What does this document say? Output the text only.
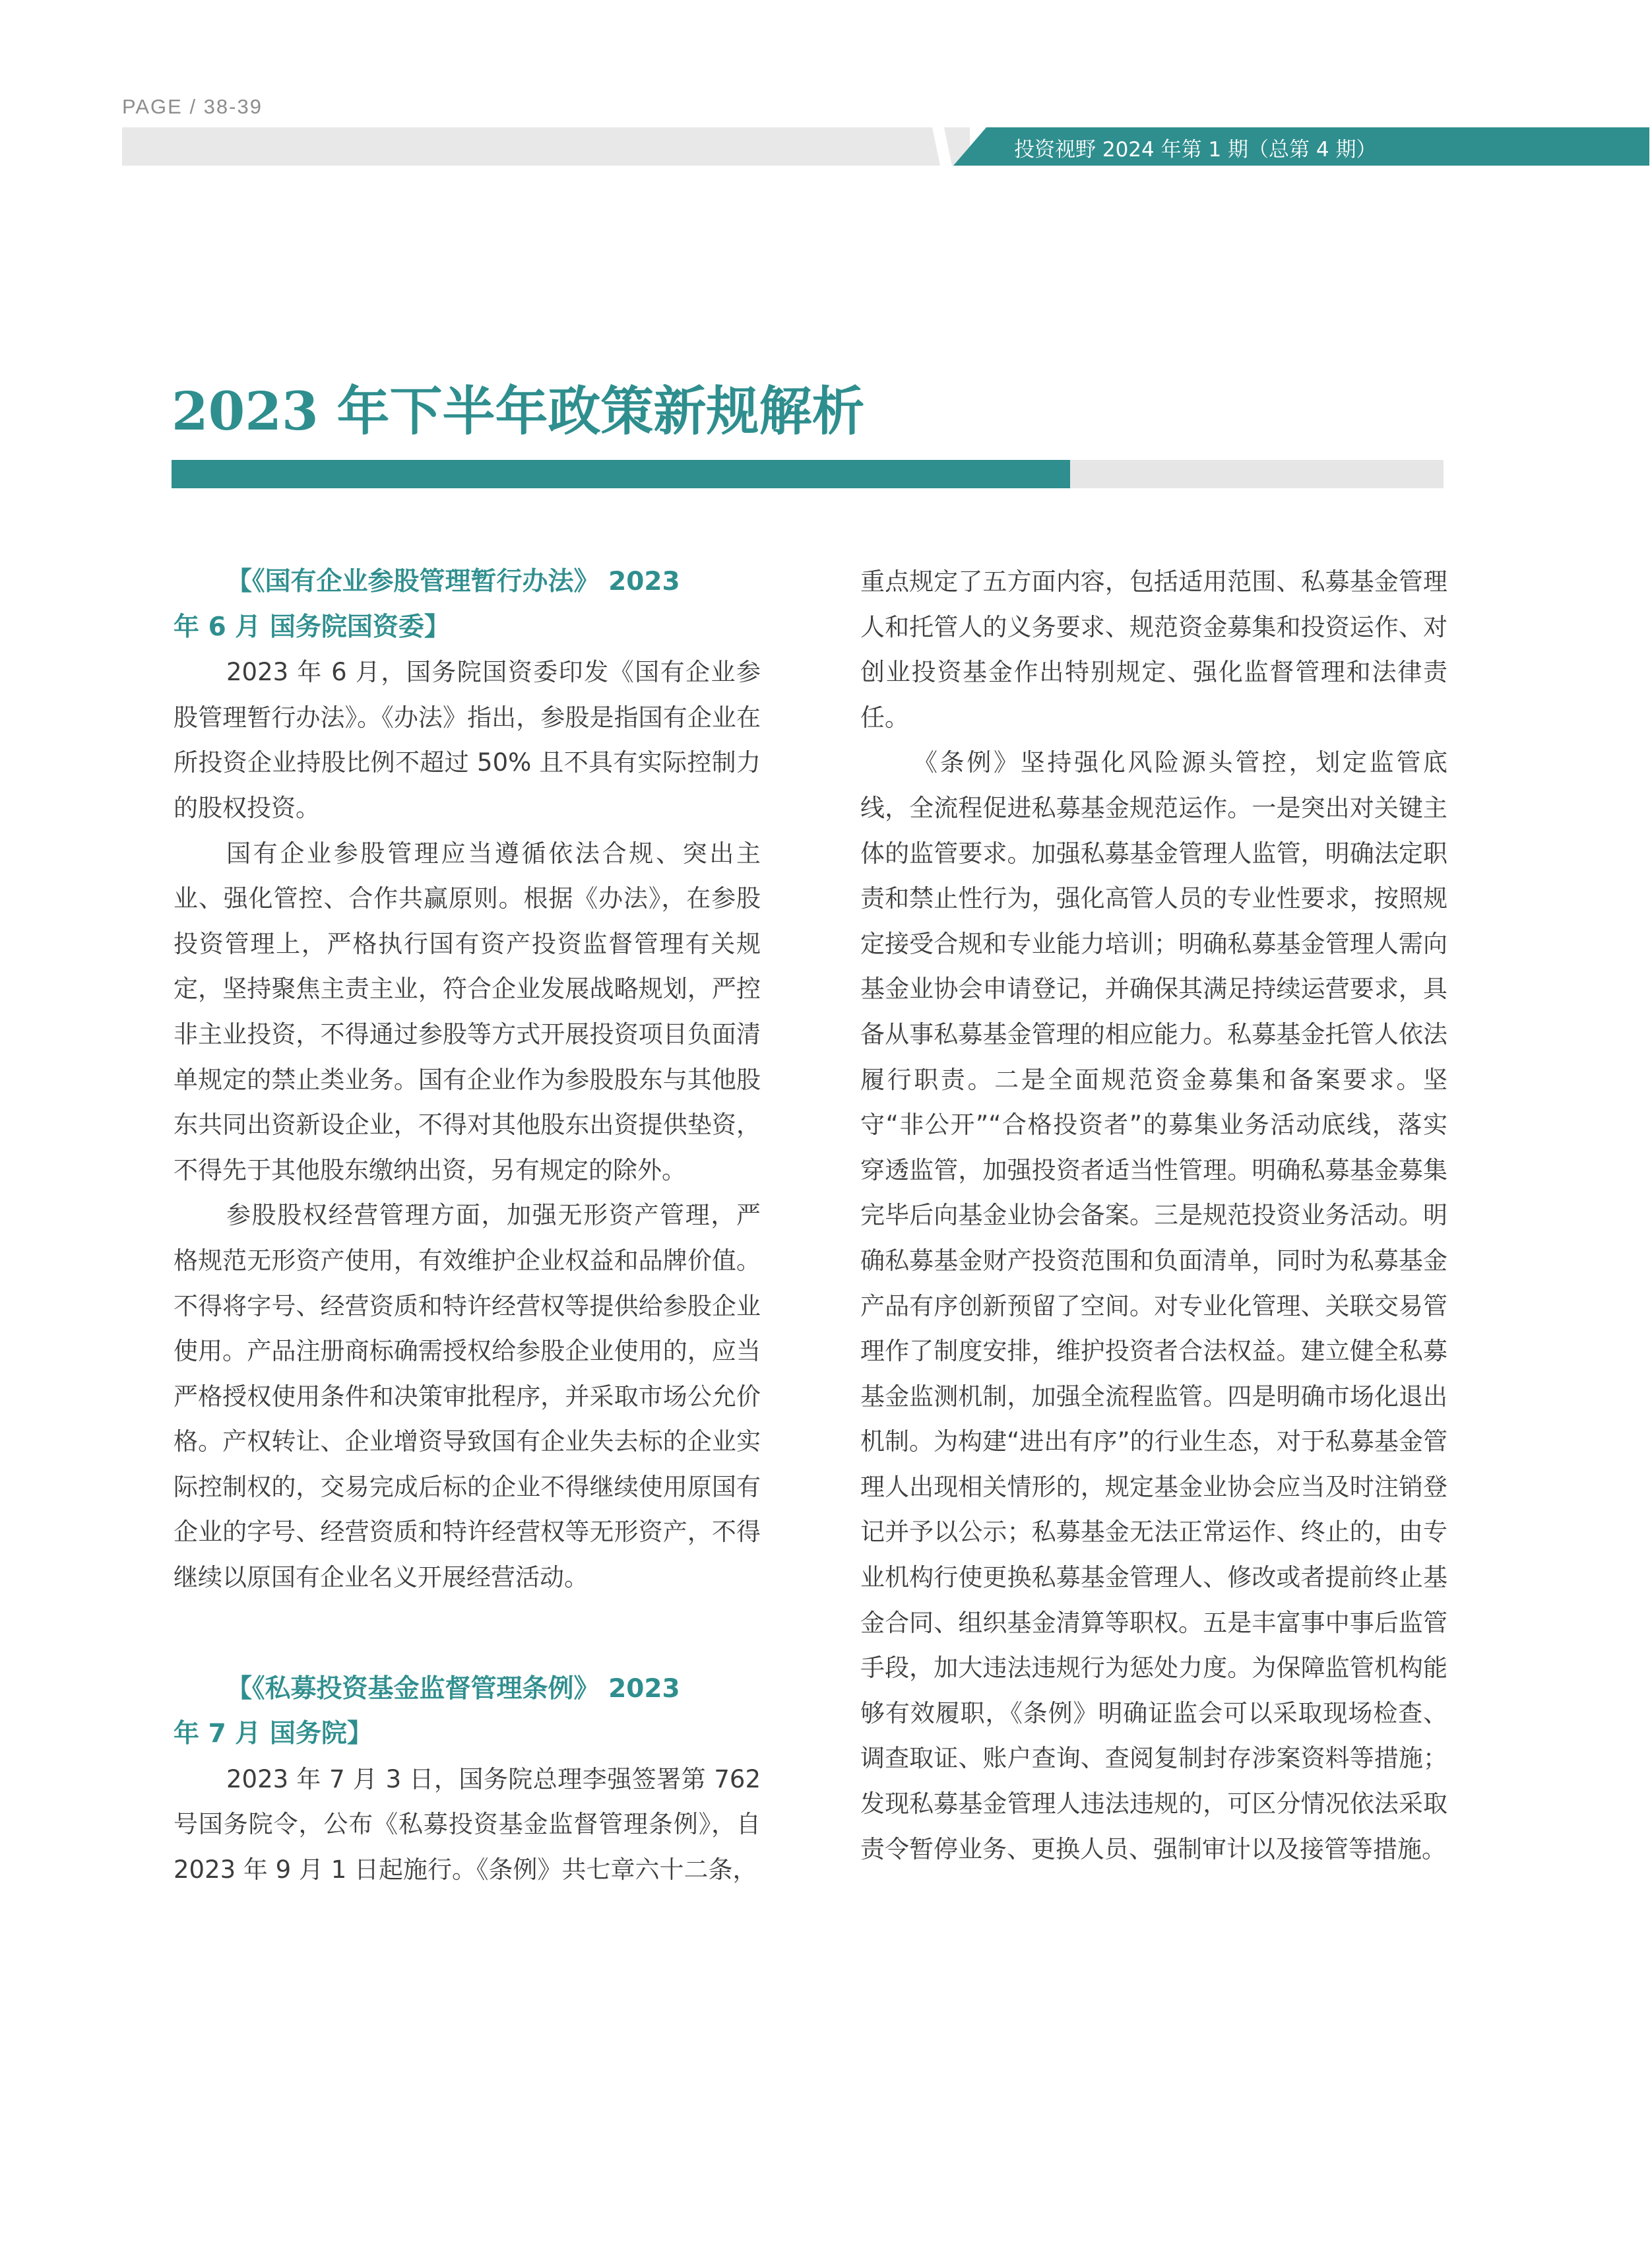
PAGE / 38-39
投资视野 2024 年第 1 期（总第 4 期）
2023 年下半年政策新规解析
【《国有企业参股管理暂行办法》 2023
年 6 月 国务院国资委】

2023 年 6 月，国务院国资委印发《国有企业参股管理暂行办法》。《办法》指出，参股是指国有企业在所投资企业持股比例不超过 50% 且不具有实际控制力的股权投资。

国有企业参股管理应当遵循依法合规、突出主业、强化管控、合作共赢原则。根据《办法》，在参股投资管理上，严格执行国有资产投资监督管理有关规定，坚持聚焦主责主业，符合企业发展战略规划，严控非主业投资，不得通过参股等方式开展投资项目负面清单规定的禁止类业务。国有企业作为参股股东与其他股东共同出资新设企业，不得对其他股东出资提供垫资，不得先于其他股东缴纳出资，另有规定的除外。

参股股权经营管理方面，加强无形资产管理，严格规范无形资产使用，有效维护企业权益和品牌价值。不得将字号、经营资质和特许经营权等提供给参股企业使用。产品注册商标确需授权给参股企业使用的，应当严格授权使用条件和决策审批程序，并采取市场公允价格。产权转让、企业增资导致国有企业失去标的企业实际控制权的，交易完成后标的企业不得继续使用原国有企业的字号、经营资质和特许经营权等无形资产，不得继续以原国有企业名义开展经营活动。

【《私募投资基金监督管理条例》 2023
年 7 月 国务院】

2023 年 7 月 3 日，国务院总理李强签署第 762 号国务院令，公布《私募投资基金监督管理条例》，自 2023 年 9 月 1 日起施行。《条例》共七章六十二条，

重点规定了五方面内容，包括适用范围、私募基金管理人和托管人的义务要求、规范资金募集和投资运作、对创业投资基金作出特别规定、强化监督管理和法律责任。

《条例》坚持强化风险源头管控，划定监管底线，全流程促进私募基金规范运作。一是突出对关键主体的监管要求。加强私募基金管理人监管，明确法定职责和禁止性行为，强化高管人员的专业性要求，按照规定接受合规和专业能力培训；明确私募基金管理人需向基金业协会申请登记，并确保其满足持续运营要求，具备从事私募基金管理的相应能力。私募基金托管人依法履行职责。二是全面规范资金募集和备案要求。坚守“非公开”“合格投资者”的募集业务活动底线，落实穿透监管，加强投资者适当性管理。明确私募基金募集完毕后向基金业协会备案。三是规范投资业务活动。明确私募基金财产投资范围和负面清单，同时为私募基金产品有序创新预留了空间。对专业化管理、关联交易管理作了制度安排，维护投资者合法权益。建立健全私募基金监测机制，加强全流程监管。四是明确市场化退出机制。为构建“进出有序”的行业生态，对于私募基金管理人出现相关情形的，规定基金业协会应当及时注销登记并予以公示；私募基金无法正常运作、终止的，由专业机构行使更换私募基金管理人、修改或者提前终止基金合同、组织基金清算等职权。五是丰富事中事后监管手段，加大违法违规行为惩处力度。为保障监管机构能够有效履职，《条例》明确证监会可以采取现场检查、调查取证、账户查询、查阅复制封存涉案资料等措施；发现私募基金管理人违法违规的，可区分情况依法采取责令暂停业务、更换人员、强制审计以及接管等措施。
